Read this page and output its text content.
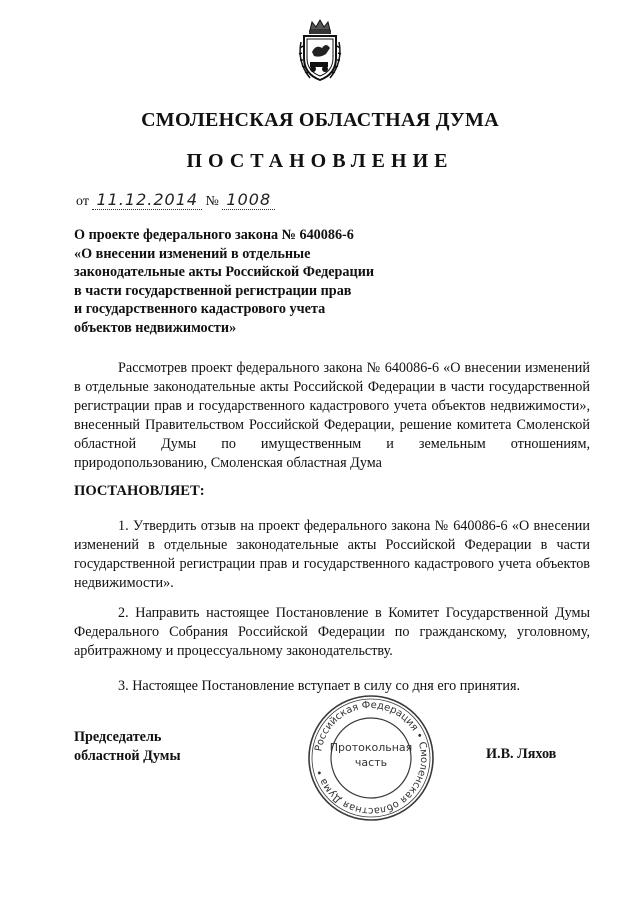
СМОЛЕНСКАЯ ОБЛАСТНАЯ ДУМА
ПОСТАНОВЛЕНИЕ
от 11.12.2014 № 1008
О проекте федерального закона № 640086-6
«О внесении изменений в отдельные
законодательные акты Российской Федерации
в части государственной регистрации прав
и государственного кадастрового учета
объектов недвижимости»
Рассмотрев проект федерального закона № 640086-6 «О внесении изменений в отдельные законодательные акты Российской Федерации в части государственной регистрации прав и государственного кадастрового учета объектов недвижимости», внесенный Правительством Российской Федерации, решение комитета Смоленской областной Думы по имущественным и земельным отношениям, природопользованию, Смоленская областная Дума
ПОСТАНОВЛЯЕТ:
1. Утвердить отзыв на проект федерального закона № 640086-6 «О внесении изменений в отдельные законодательные акты Российской Федерации в части государственной регистрации прав и государственного кадастрового учета объектов недвижимости».
2. Направить настоящее Постановление в Комитет Государственной Думы Федерального Собрания Российской Федерации по гражданскому, уголовному, арбитражному и процессуальному законодательству.
3. Настоящее Постановление вступает в силу со дня его принятия.
Председатель
областной Думы	И.В. Ляхов
Российская Федерация • Смоленская областная Дума •
Протокольная
часть
